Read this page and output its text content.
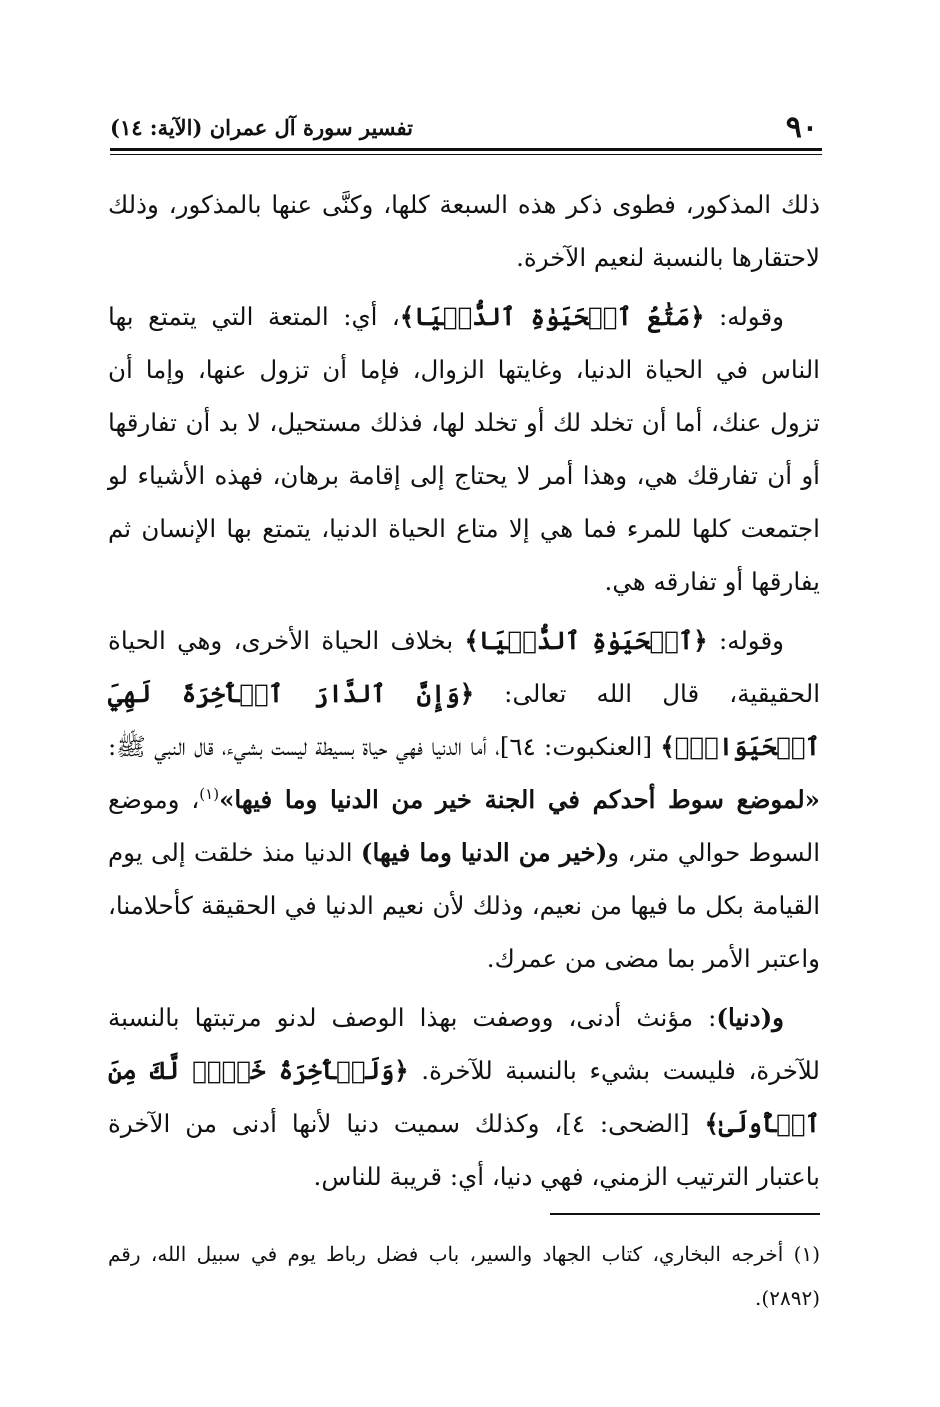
٩٠
تفسير سورة آل عمران (الآية: ١٤)

ذلك المذكور، فطوى ذكر هذه السبعة كلها، وكنَّى عنها بالمذكور، وذلك لاحتقارها بالنسبة لنعيم الآخرة.

وقوله: ﴿مَتَٰعُ ٱلۡحَيَوٰةِ ٱلدُّنۡيَا﴾، أي: المتعة التي يتمتع بها الناس في الحياة الدنيا، وغايتها الزوال، فإما أن تزول عنها، وإما أن تزول عنك، أما أن تخلد لك أو تخلد لها، فذلك مستحيل، لا بد أن تفارقها أو أن تفارقك هي، وهذا أمر لا يحتاج إلى إقامة برهان، فهذه الأشياء لو اجتمعت كلها للمرء فما هي إلا متاع الحياة الدنيا، يتمتع بها الإنسان ثم يفارقها أو تفارقه هي.

وقوله: ﴿ٱلۡحَيَوٰةِ ٱلدُّنۡيَا﴾ بخلاف الحياة الأخرى، وهي الحياة الحقيقية، قال الله تعالى: ﴿وَإِنَّ ٱلدَّارَ ٱلۡأٓخِرَةَ لَهِيَ ٱلۡحَيَوَانُۚ﴾ [العنكبوت: ٦٤]، أما الدنيا فهي حياة بسيطة ليست بشيء، قال النبي ﷺ: «لموضع سوط أحدكم في الجنة خير من الدنيا وما فيها»$^{(١)}$، وموضع السوط حوالي متر، و(خير من الدنيا وما فيها) الدنيا منذ خلقت إلى يوم القيامة بكل ما فيها من نعيم، وذلك لأن نعيم الدنيا في الحقيقة كأحلامنا، واعتبر الأمر بما مضى من عمرك.

و(دنيا): مؤنث أدنى، ووصفت بهذا الوصف لدنو مرتبتها بالنسبة للآخرة، فليست بشيء بالنسبة للآخرة. ﴿وَلَلۡأٓخِرَةُ خَيۡرٞ لَّكَ مِنَ ٱلۡأُولَىٰ﴾ [الضحى: ٤]، وكذلك سميت دنيا لأنها أدنى من الآخرة باعتبار الترتيب الزمني، فهي دنيا، أي: قريبة للناس.

(١) أخرجه البخاري، كتاب الجهاد والسير، باب فضل رباط يوم في سبيل الله، رقم (٢٨٩٢).
